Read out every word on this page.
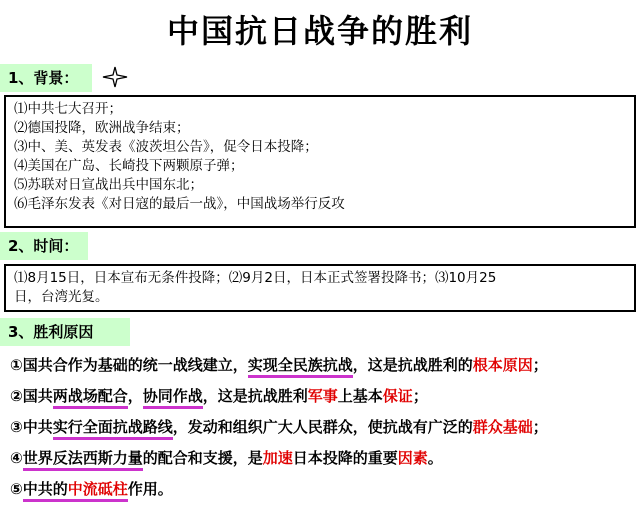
中国抗日战争的胜利
1、背景：
⑴中共七大召开；
⑵德国投降，欧洲战争结束；
⑶中、美、英发表《波茨坦公告》，促令日本投降；
⑷美国在广岛、长崎投下两颗原子弹；
⑸苏联对日宣战出兵中国东北；
⑹毛泽东发表《对日寇的最后一战》，中国战场举行反攻
2、时间：
⑴8月15日，日本宣布无条件投降；⑵9月2日，日本正式签署投降书；⑶10月25
日，台湾光复。
3、胜利原因
①国共合作为基础的统一战线建立，实现全民族抗战，这是抗战胜利的根本原因；
②国共两战场配合，协同作战，这是抗战胜利军事上基本保证；
③中共实行全面抗战路线，发动和组织广大人民群众，使抗战有广泛的群众基础；
④世界反法西斯力量的配合和支援，是加速日本投降的重要因素。
⑤中共的中流砥柱作用。
